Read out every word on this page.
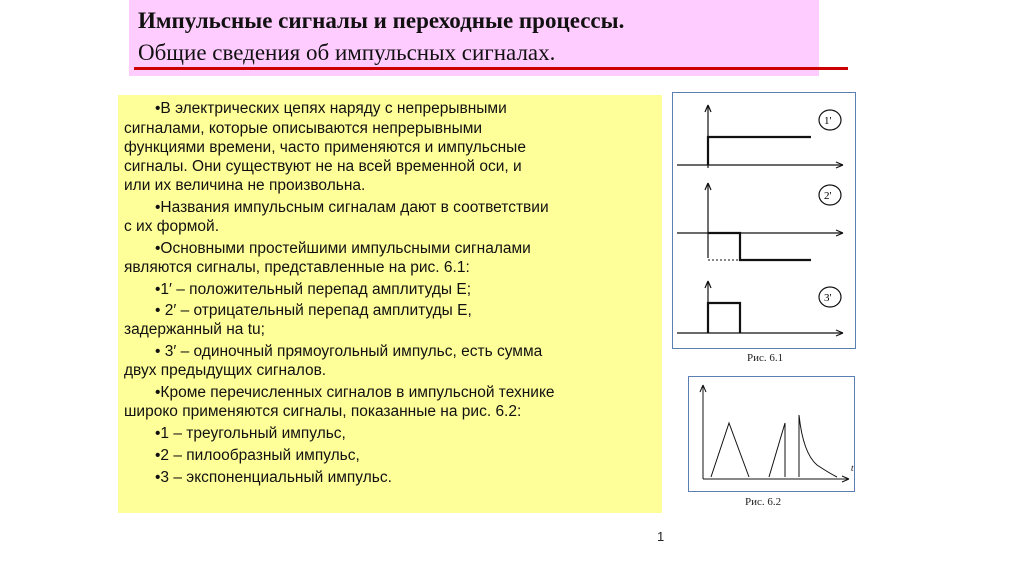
Импульсные сигналы и переходные процессы.
Общие сведения об импульсных сигналах.
•В электрических цепях наряду с непрерывными
сигналами, которые описываются непрерывными
функциями времени, часто применяются и импульсные
сигналы. Они существуют не на всей временной оси, и
или их величина не произвольна.
•Названия импульсным сигналам дают в соответствии
с их формой.
•Основными простейшими импульсными сигналами
являются сигналы, представленные на рис. 6.1:
•1′ – положительный перепад амплитуды E;
• 2′ – отрицательный перепад амплитуды E,
задержанный на tu;
• 3′ – одиночный прямоугольный импульс, есть сумма
двух предыдущих сигналов.
•Кроме перечисленных сигналов в импульсной технике
широко применяются сигналы, показанные на рис. 6.2:
•1 – треугольный импульс,
•2 – пилообразный импульс,
•3 – экспоненциальный импульс.
1'
2'
3'
Рис. 6.1
t
Рис. 6.2
1
